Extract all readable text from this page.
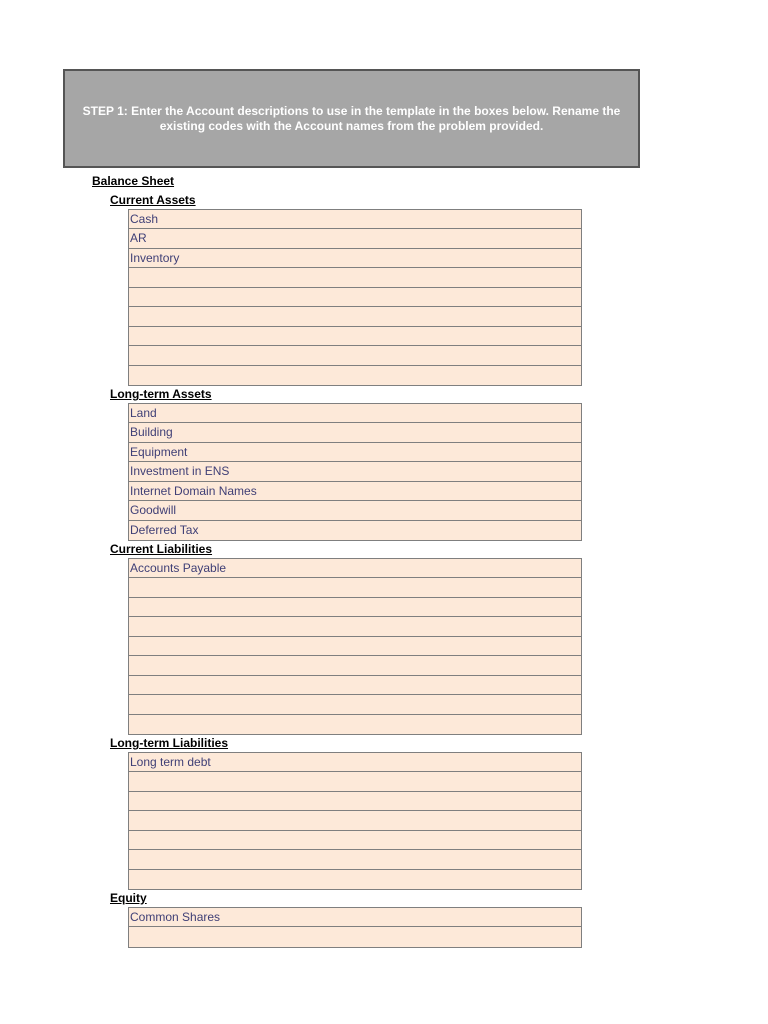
STEP 1: Enter the Account descriptions to use in the template in the boxes below. Rename the existing codes with the Account names from the problem provided.
Balance Sheet
Current Assets
Cash
AR
Inventory
Long-term Assets
Land
Building
Equipment
Investment in ENS
Internet Domain Names
Goodwill
Deferred Tax
Current Liabilities
Accounts Payable
Long-term Liabilities
Long term debt
Equity
Common Shares
